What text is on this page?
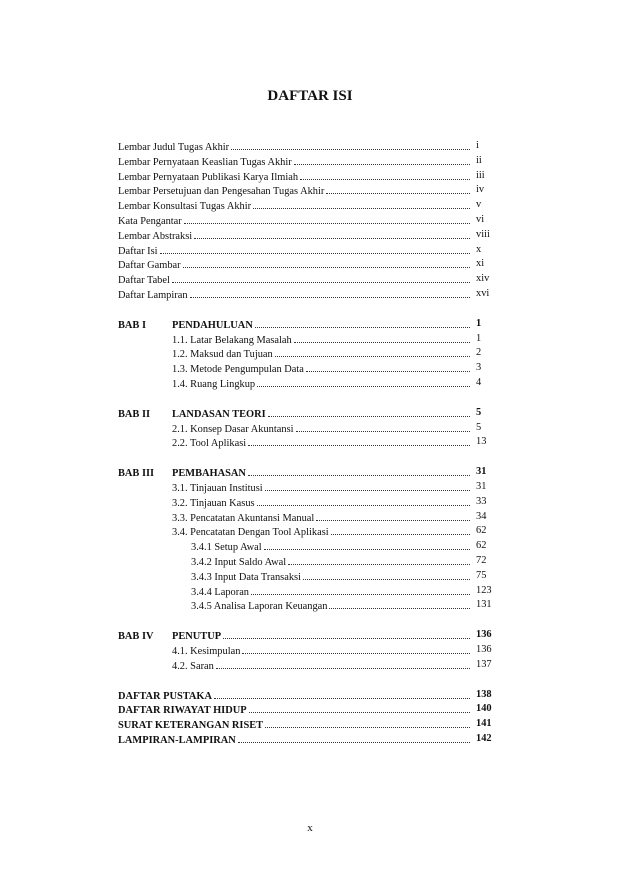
DAFTAR ISI
Lembar Judul Tugas Akhir	i
Lembar Pernyataan Keaslian Tugas Akhir	ii
Lembar Pernyataan Publikasi Karya Ilmiah	iii
Lembar Persetujuan dan Pengesahan Tugas Akhir	iv
Lembar Konsultasi Tugas Akhir	v
Kata Pengantar	vi
Lembar Abstraksi	viii
Daftar Isi	x
Daftar Gambar	xi
Daftar Tabel	xiv
Daftar Lampiran	xvi
BAB I	PENDAHULUAN	1
1.1. Latar Belakang Masalah	1
1.2. Maksud dan Tujuan	2
1.3. Metode Pengumpulan Data	3
1.4. Ruang Lingkup	4
BAB II	LANDASAN TEORI	5
2.1. Konsep Dasar Akuntansi	5
2.2. Tool Aplikasi	13
BAB III	PEMBAHASAN	31
3.1. Tinjauan Institusi	31
3.2. Tinjauan Kasus	33
3.3. Pencatatan Akuntansi Manual	34
3.4. Pencatatan Dengan Tool Aplikasi	62
3.4.1 Setup Awal	62
3.4.2 Input Saldo Awal	72
3.4.3 Input Data Transaksi	75
3.4.4 Laporan	123
3.4.5 Analisa Laporan Keuangan	131
BAB IV	PENUTUP	136
4.1. Kesimpulan	136
4.2. Saran	137
DAFTAR PUSTAKA	138
DAFTAR RIWAYAT HIDUP	140
SURAT KETERANGAN RISET	141
LAMPIRAN-LAMPIRAN	142
x
